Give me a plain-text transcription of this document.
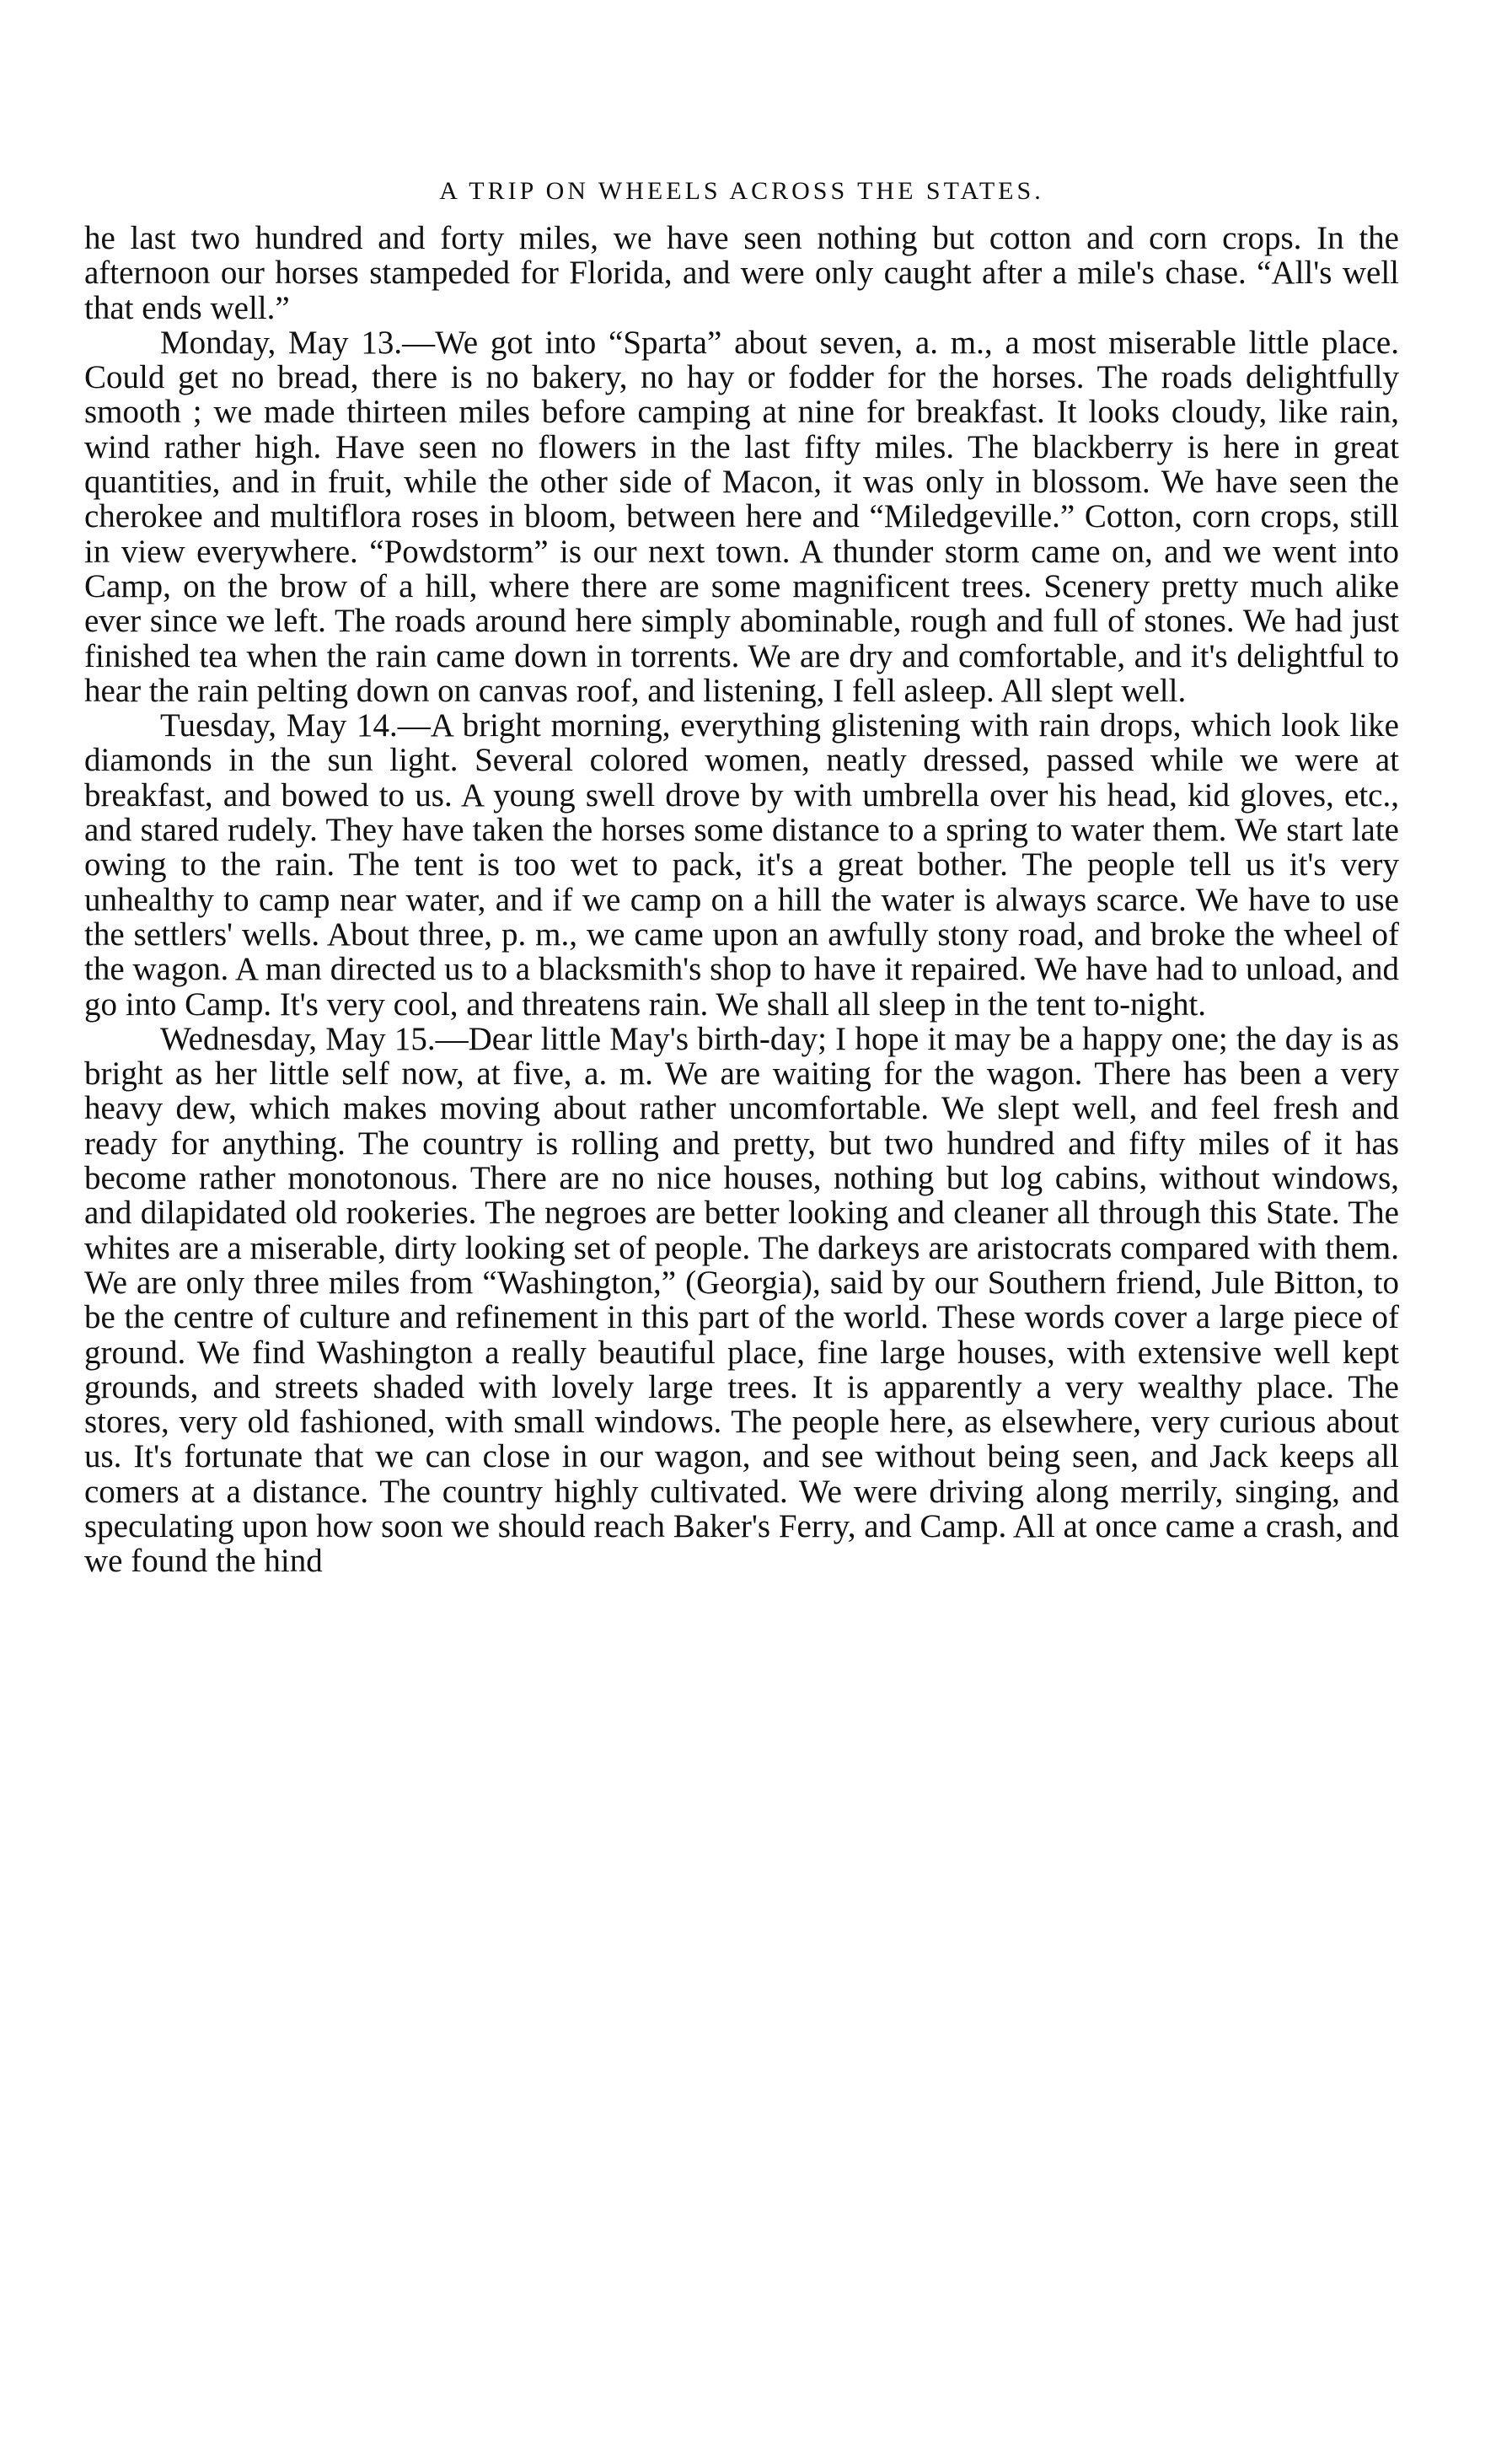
A TRIP ON WHEELS ACROSS THE STATES.

he last two hundred and forty miles, we have seen nothing but cotton and corn crops. In the afternoon our horses stampeded for Florida, and were only caught after a mile's chase. “All's well that ends well.”

Monday, May 13.—We got into “Sparta” about seven, a. m., a most miserable little place. Could get no bread, there is no bakery, no hay or fodder for the horses. The roads delightfully smooth ; we made thirteen miles before camping at nine for breakfast. It looks cloudy, like rain, wind rather high. Have seen no flowers in the last fifty miles. The blackberry is here in great quantities, and in fruit, while the other side of Macon, it was only in blossom. We have seen the cherokee and multiflora roses in bloom, between here and “Miledgeville.” Cotton, corn crops, still in view everywhere. “Powdstorm” is our next town. A thunder storm came on, and we went into Camp, on the brow of a hill, where there are some magnificent trees. Scenery pretty much alike ever since we left. The roads around here simply abominable, rough and full of stones. We had just finished tea when the rain came down in torrents. We are dry and comfortable, and it's delightful to hear the rain pelting down on canvas roof, and listening, I fell asleep. All slept well.

Tuesday, May 14.—A bright morning, everything glistening with rain drops, which look like diamonds in the sun light. Several colored women, neatly dressed, passed while we were at breakfast, and bowed to us. A young swell drove by with umbrella over his head, kid gloves, etc., and stared rudely. They have taken the horses some distance to a spring to water them. We start late owing to the rain. The tent is too wet to pack, it's a great bother. The people tell us it's very unhealthy to camp near water, and if we camp on a hill the water is always scarce. We have to use the settlers' wells. About three, p. m., we came upon an awfully stony road, and broke the wheel of the wagon. A man directed us to a blacksmith's shop to have it repaired. We have had to unload, and go into Camp. It's very cool, and threatens rain. We shall all sleep in the tent to-night.

Wednesday, May 15.—Dear little May's birth-day; I hope it may be a happy one; the day is as bright as her little self now, at five, a. m. We are waiting for the wagon. There has been a very heavy dew, which makes moving about rather uncomfortable. We slept well, and feel fresh and ready for anything. The country is rolling and pretty, but two hundred and fifty miles of it has become rather monotonous. There are no nice houses, nothing but log cabins, without windows, and dilapidated old rookeries. The negroes are better looking and cleaner all through this State. The whites are a miserable, dirty looking set of people. The darkeys are aristocrats compared with them. We are only three miles from “Washington,” (Georgia), said by our Southern friend, Jule Bitton, to be the centre of culture and refinement in this part of the world. These words cover a large piece of ground. We find Washington a really beautiful place, fine large houses, with extensive well kept grounds, and streets shaded with lovely large trees. It is apparently a very wealthy place. The stores, very old fashioned, with small windows. The people here, as elsewhere, very curious about us. It's fortunate that we can close in our wagon, and see without being seen, and Jack keeps all comers at a distance. The country highly cultivated. We were driving along merrily, singing, and speculating upon how soon we should reach Baker's Ferry, and Camp. All at once came a crash, and we found the hind
